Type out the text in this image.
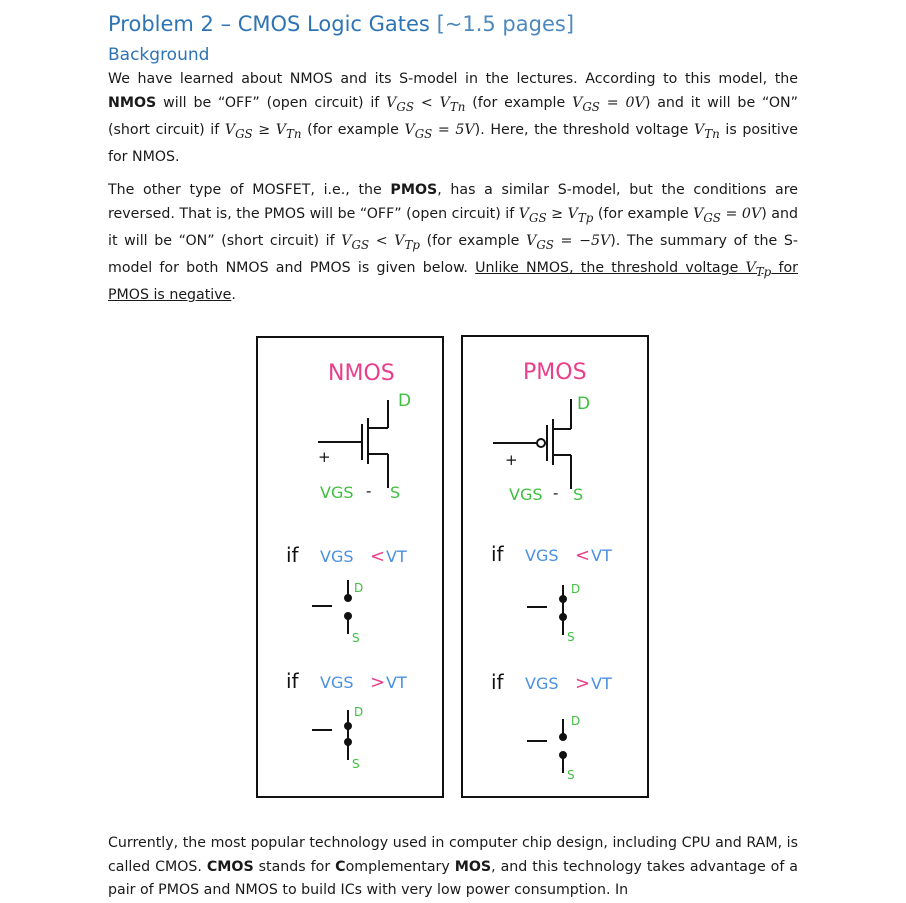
Problem 2 – CMOS Logic Gates [~1.5 pages]
Background
We have learned about NMOS and its S-model in the lectures. According to this model, the NMOS will be “OFF” (open circuit) if $V_{GS} < V_{Tn}$ (for example $V_{GS} = 0V$) and it will be “ON” (short circuit) if $V_{GS} \ge V_{Tn}$ (for example $V_{GS} = 5V$). Here, the threshold voltage $V_{Tn}$ is positive for NMOS.
The other type of MOSFET, i.e., the PMOS, has a similar S-model, but the conditions are reversed. That is, the PMOS will be “OFF” (open circuit) if $V_{GS} \ge V_{Tp}$ (for example $V_{GS} = 0V$) and it will be “ON” (short circuit) if $V_{GS} < V_{Tp}$ (for example $V_{GS} = -5V$). The summary of the S-model for both NMOS and PMOS is given below. Unlike NMOS, the threshold voltage $V_{Tp}$ for PMOS is negative.
NMOS
D
+
VGS - S
if VGS < VT
D
S
if VGS > VT
D
S
PMOS
D
+
VGS - S
if VGS < VT
D
S
if VGS > VT
D
S
Currently, the most popular technology used in computer chip design, including CPU and RAM, is called CMOS. CMOS stands for Complementary MOS, and this technology takes advantage of a pair of PMOS and NMOS to build ICs with very low power consumption. In
